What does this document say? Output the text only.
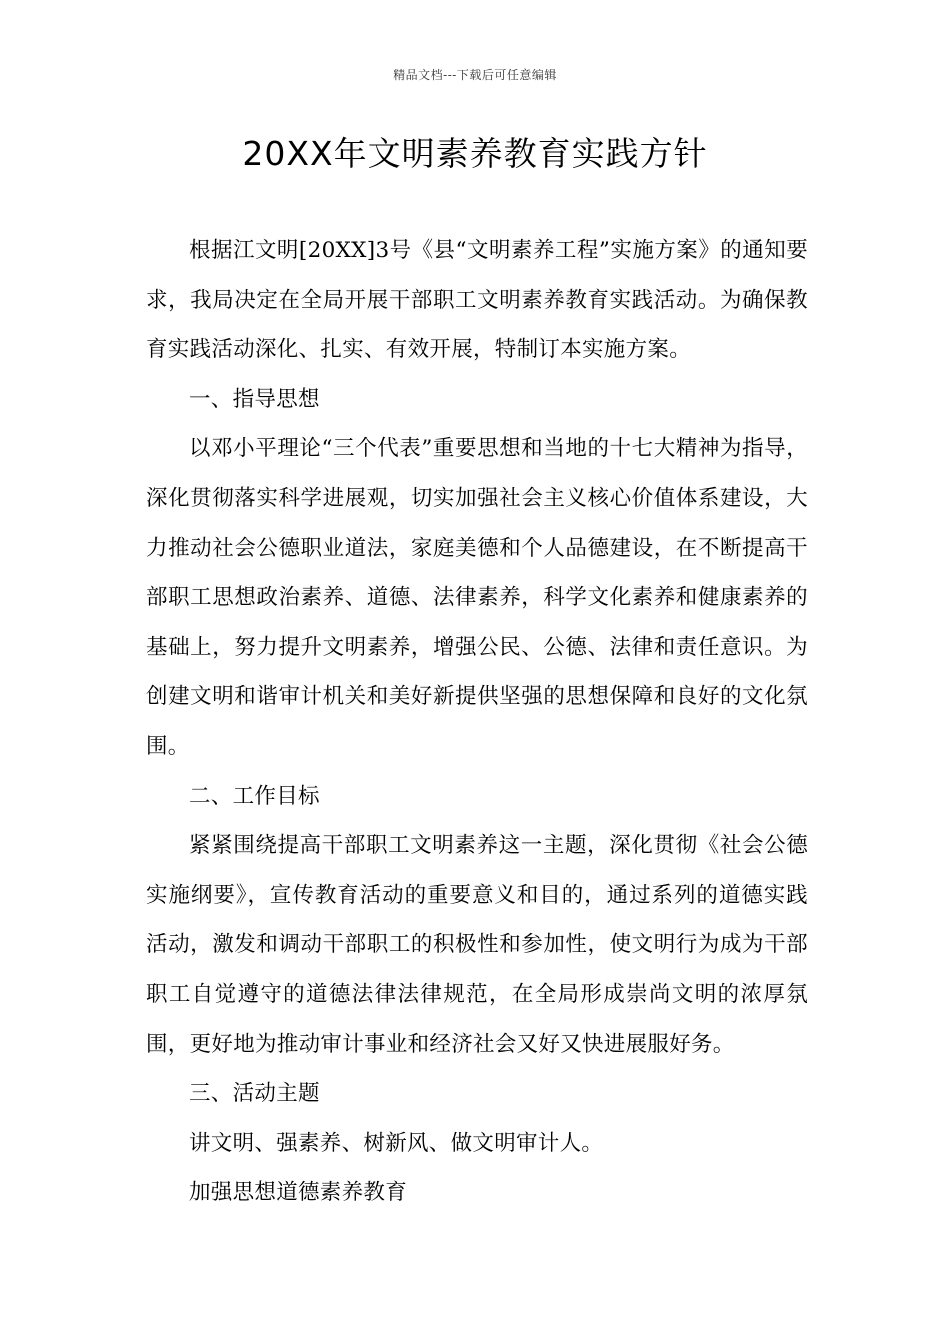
精品文档---下载后可任意编辑
20XX年文明素养教育实践方针

根据江文明[20XX]3号《县“文明素养工程”实施方案》的通知要求，我局决定在全局开展干部职工文明素养教育实践活动。为确保教育实践活动深化、扎实、有效开展，特制订本实施方案。

一、指导思想

以邓小平理论“三个代表”重要思想和当地的十七大精神为指导，深化贯彻落实科学进展观，切实加强社会主义核心价值体系建设，大力推动社会公德职业道法，家庭美德和个人品德建设，在不断提高干部职工思想政治素养、道德、法律素养，科学文化素养和健康素养的基础上，努力提升文明素养，增强公民、公德、法律和责任意识。为创建文明和谐审计机关和美好新提供坚强的思想保障和良好的文化氛围。

二、工作目标

紧紧围绕提高干部职工文明素养这一主题，深化贯彻《社会公德实施纲要》，宣传教育活动的重要意义和目的，通过系列的道德实践活动，激发和调动干部职工的积极性和参加性，使文明行为成为干部职工自觉遵守的道德法律法律规范，在全局形成崇尚文明的浓厚氛围，更好地为推动审计事业和经济社会又好又快进展服好务。

三、活动主题

讲文明、强素养、树新风、做文明审计人。

加强思想道德素养教育
